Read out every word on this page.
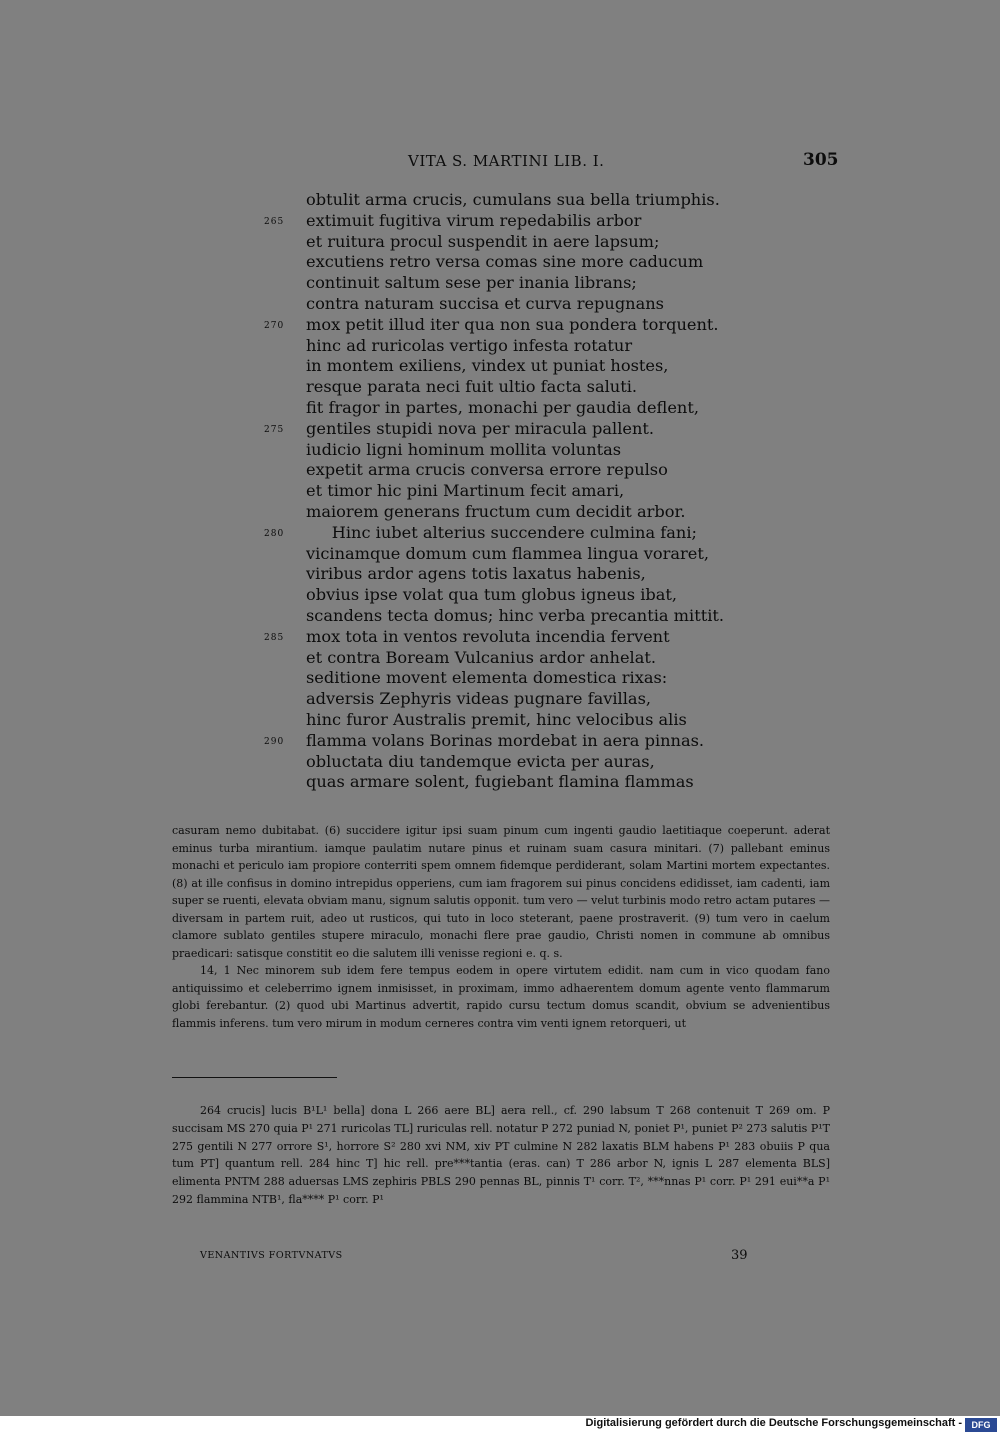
VITA S. MARTINI LIB. I.	305
obtulit arma crucis, cumulans sua bella triumphis.
265 extimuit fugitiva virum repedabilis arbor
et ruitura procul suspendit in aere lapsum;
excutiens retro versa comas sine more caducum
continuit saltum sese per inania librans;
contra naturam succisa et curva repugnans
270 mox petit illud iter qua non sua pondera torquent.
hinc ad ruricolas vertigo infesta rotatur
in montem exiliens, vindex ut puniat hostes,
resque parata neci fuit ultio facta saluti.
fit fragor in partes, monachi per gaudia deflent,
275 gentiles stupidi nova per miracula pallent.
iudicio ligni hominum mollita voluntas
expetit arma crucis conversa errore repulso
et timor hic pini Martinum fecit amari,
maiorem generans fructum cum decidit arbor.
280 Hinc iubet alterius succendere culmina fani;
vicinamque domum cum flammea lingua voraret,
viribus ardor agens totis laxatus habenis,
obvius ipse volat qua tum globus igneus ibat,
scandens tecta domus; hinc verba precantia mittit.
285 mox tota in ventos revoluta incendia fervent
et contra Boream Vulcanius ardor anhelat.
seditione movent elementa domestica rixas:
adversis Zephyris videas pugnare favillas,
hinc furor Australis premit, hinc velocibus alis
290 flamma volans Borinas mordebat in aera pinnas.
obluctata diu tandemque evicta per auras,
quas armare solent, fugiebant flamina flammas

casuram nemo dubitabat. (6) succidere igitur ipsi suam pinum cum ingenti gaudio laetitiaque coeperunt. aderat eminus turba mirantium. iamque paulatim nutare pinus et ruinam suam casura minitari. (7) pallebant eminus monachi et periculo iam propiore conterriti spem omnem fidemque perdiderant, solam Martini mortem expectantes. (8) at ille confisus in domino intrepidus opperiens, cum iam fragorem sui pinus concidens edidisset, iam cadenti, iam super se ruenti, elevata obviam manu, signum salutis opponit. tum vero — velut turbinis modo retro actam putares — diversam in partem ruit, adeo ut rusticos, qui tuto in loco steterant, paene prostraverit. (9) tum vero in caelum clamore sublato gentiles stupere miraculo, monachi flere prae gaudio, Christi nomen in commune ab omnibus praedicari: satisque constitit eo die salutem illi venisse regioni e. q. s.

14, 1 Nec minorem sub idem fere tempus eodem in opere virtutem edidit. nam cum in vico quodam fano antiquissimo et celeberrimo ignem inmisisset, in proximam, immo adhaerentem domum agente vento flammarum globi ferebantur. (2) quod ubi Martinus advertit, rapido cursu tectum domus scandit, obvium se advenientibus flammis inferens. tum vero mirum in modum cerneres contra vim venti ignem retorqueri, ut

264 crucis] lucis B¹L¹ bella] dona L 266 aere BL] aera rell., cf. 290 labsum T 268 contenuit T 269 om. P succisam MS 270 quia P¹ 271 ruricolas TL] ruriculas rell. notatur P 272 puniad N, poniet P¹, puniet P² 273 salutis P¹T 275 gentili N 277 orrore S¹, horrore S² 280 xvi NM, xiv PT culmine N 282 laxatis BLM habens P¹ 283 obuiis P qua tum PT] quantum rell. 284 hinc T] hic rell. pre***tantia (eras. can) T 286 arbor N, ignis L 287 elementa BLS] elimenta PNTM 288 aduersas LMS zephiris PBLS 290 pennas BL, pinnis T¹ corr. T², ***nnas P¹ corr. P¹ 291 eui**a P¹ 292 flammina NTB¹, fla**** P¹ corr. P¹
VENANTIVS FORTVNATVS	39
Digitalisierung gefördert durch die Deutsche Forschungsgemeinschaft -	DFG
